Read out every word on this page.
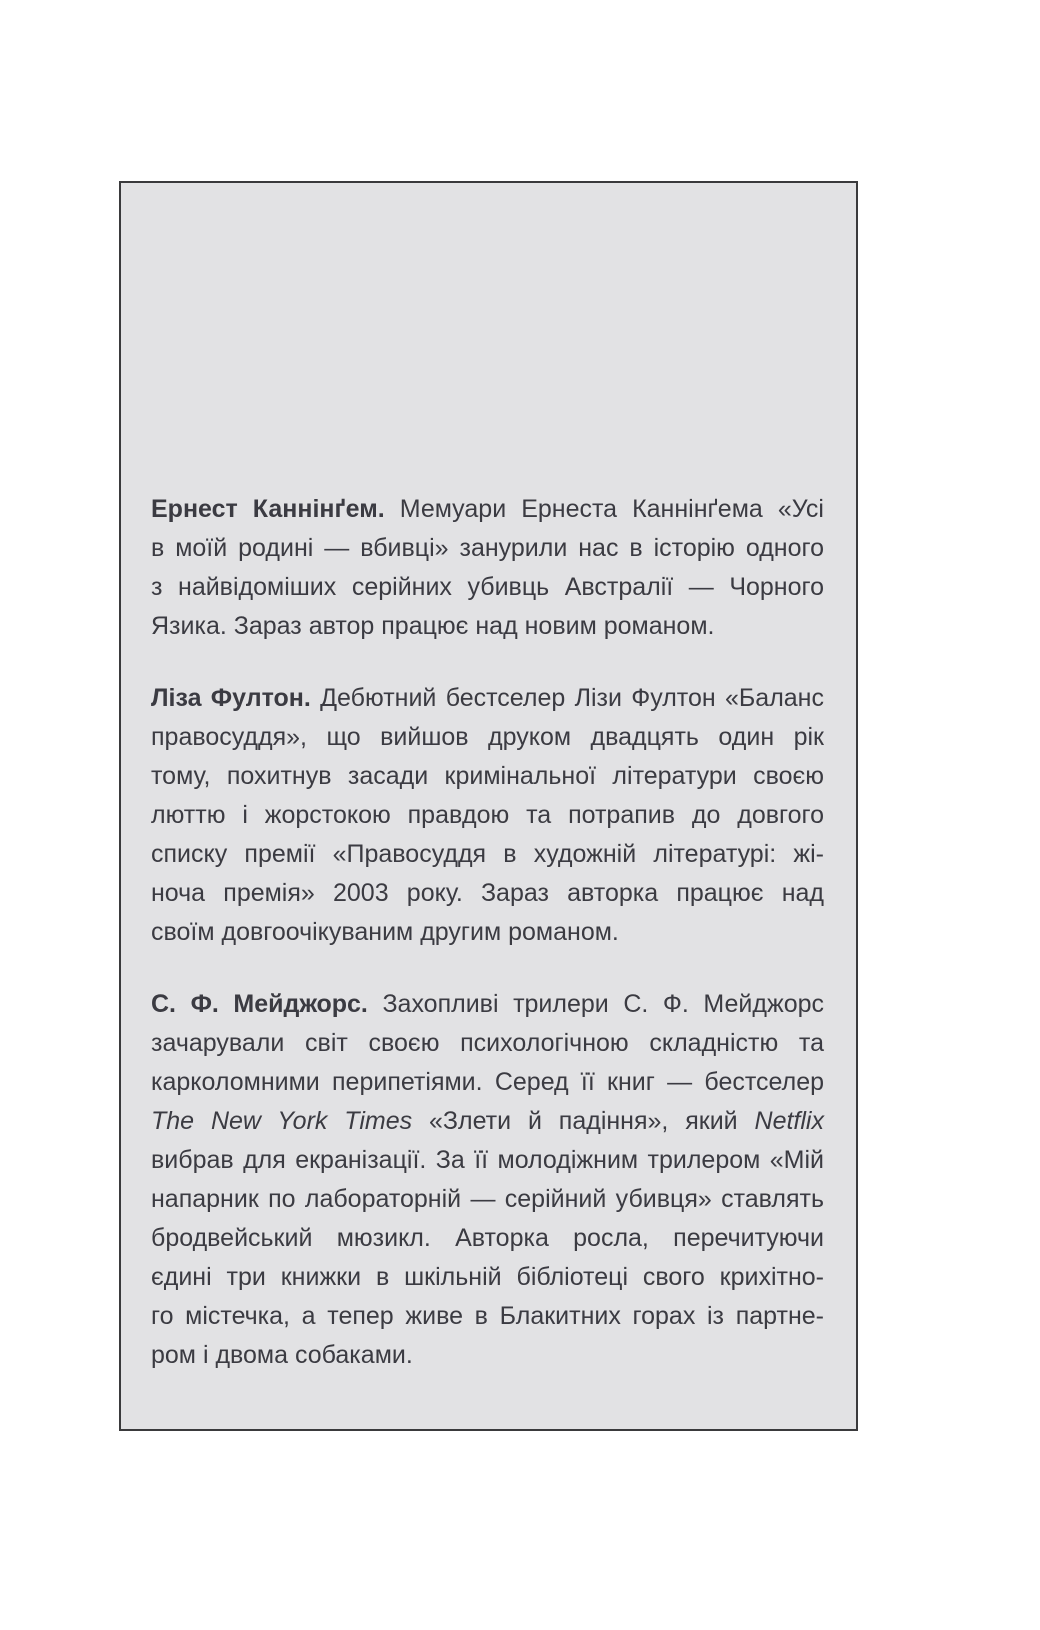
Ернест Каннінґем. Мемуари Ернеста Каннінґема «Усі
в моїй родині — вбивці» занурили нас в історію одного
з найвідоміших серійних убивць Австралії — Чорного
Язика. Зараз автор працює над новим романом.
Ліза Фултон. Дебютний бестселер Лізи Фултон «Баланс
правосуддя», що вийшов друком двадцять один рік
тому, похитнув засади кримінальної літератури своєю
люттю і жорстокою правдою та потрапив до довгого
списку премії «Правосуддя в художній літературі: жі-
ноча премія» 2003 року. Зараз авторка працює над
своїм довгоочікуваним другим романом.
С. Ф. Мейджорс. Захопливі трилери С. Ф. Мейджорс
зачарували світ своєю психологічною складністю та
карколомними перипетіями. Серед її книг — бестселер
The New York Times «Злети й падіння», який Netflix
вибрав для екранізації. За її молодіжним трилером «Мій
напарник по лабораторній — серійний убивця» ставлять
бродвейський мюзикл. Авторка росла, перечитуючи
єдині три книжки в шкільній бібліотеці свого крихітно-
го містечка, а тепер живе в Блакитних горах із партне-
ром і двома собаками.
